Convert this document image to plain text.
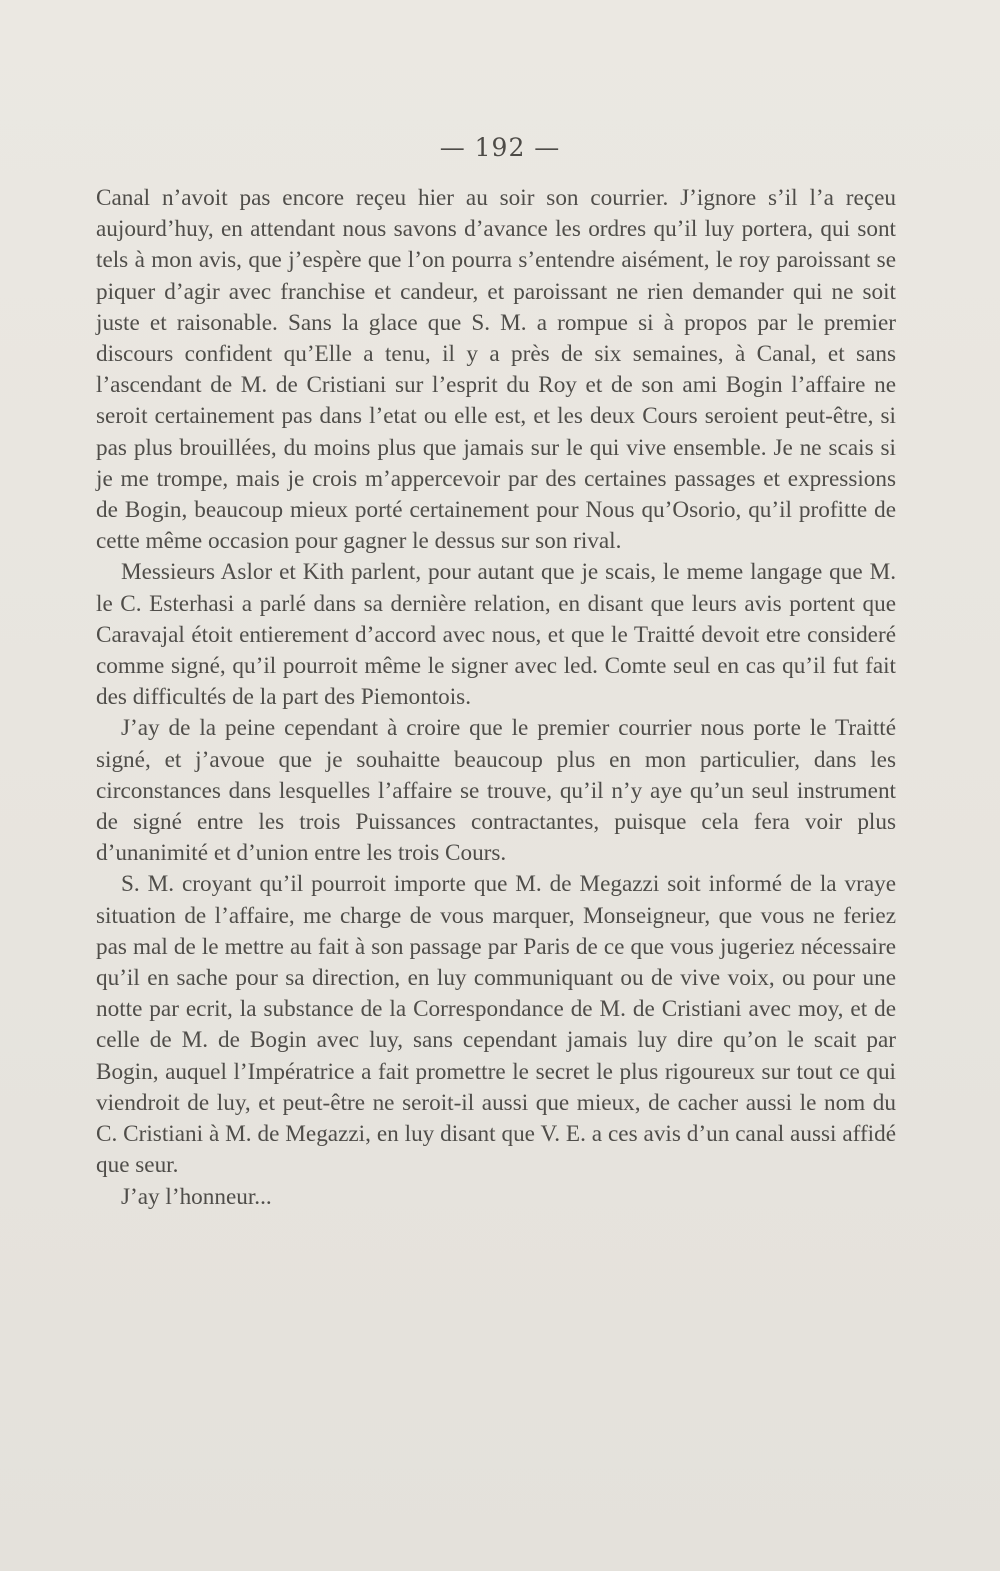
— 192 —

Canal n’avoit pas encore reçeu hier au soir son courrier. J’ignore s’il l’a reçeu aujourd’huy, en attendant nous savons d’avance les ordres qu’il luy portera, qui sont tels à mon avis, que j’espère que l’on pourra s’entendre aisément, le roy paroissant se piquer d’agir avec franchise et candeur, et paroissant ne rien demander qui ne soit juste et raisonable. Sans la glace que S. M. a rompue si à propos par le premier discours confident qu’Elle a tenu, il y a près de six semaines, à Canal, et sans l’ascendant de M. de Cristiani sur l’esprit du Roy et de son ami Bogin l’affaire ne seroit certainement pas dans l’etat ou elle est, et les deux Cours seroient peut-être, si pas plus brouillées, du moins plus que jamais sur le qui vive ensemble. Je ne scais si je me trompe, mais je crois m’appercevoir par des certaines passages et expressions de Bogin, beaucoup mieux porté certainement pour Nous qu’Osorio, qu’il profitte de cette même occasion pour gagner le dessus sur son rival.

Messieurs Aslor et Kith parlent, pour autant que je scais, le meme langage que M. le C. Esterhasi a parlé dans sa dernière relation, en disant que leurs avis portent que Caravajal étoit entierement d’accord avec nous, et que le Traitté devoit etre consideré comme signé, qu’il pourroit même le signer avec led. Comte seul en cas qu’il fut fait des difficultés de la part des Piemontois.

J’ay de la peine cependant à croire que le premier courrier nous porte le Traitté signé, et j’avoue que je souhaitte beaucoup plus en mon particulier, dans les circonstances dans lesquelles l’affaire se trouve, qu’il n’y aye qu’un seul instrument de signé entre les trois Puissances contractantes, puisque cela fera voir plus d’unanimité et d’union entre les trois Cours.

S. M. croyant qu’il pourroit importe que M. de Megazzi soit informé de la vraye situation de l’affaire, me charge de vous marquer, Monseigneur, que vous ne feriez pas mal de le mettre au fait à son passage par Paris de ce que vous jugeriez nécessaire qu’il en sache pour sa direction, en luy communiquant ou de vive voix, ou pour une notte par ecrit, la substance de la Correspondance de M. de Cristiani avec moy, et de celle de M. de Bogin avec luy, sans cependant jamais luy dire qu’on le scait par Bogin, auquel l’Impératrice a fait promettre le secret le plus rigoureux sur tout ce qui viendroit de luy, et peut-être ne seroit-il aussi que mieux, de cacher aussi le nom du C. Cristiani à M. de Megazzi, en luy disant que V. E. a ces avis d’un canal aussi affidé que seur.

J’ay l’honneur...
